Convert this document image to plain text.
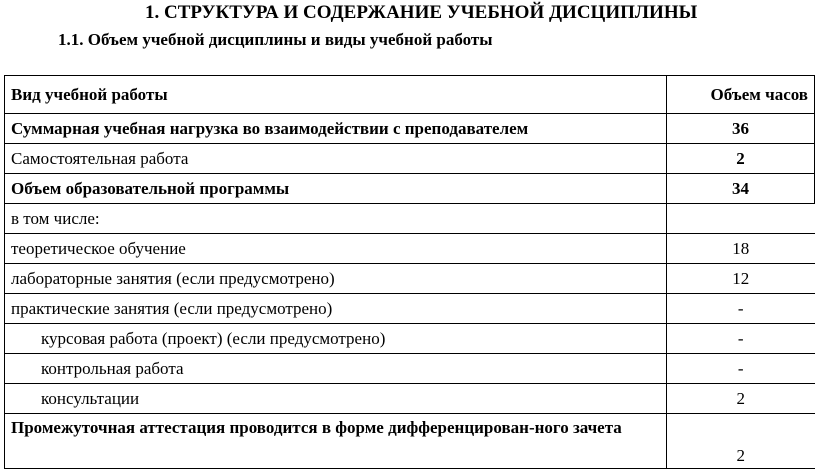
1. СТРУКТУРА И СОДЕРЖАНИЕ УЧЕБНОЙ ДИСЦИПЛИНЫ
1.1. Объем учебной дисциплины и виды учебной работы
Вид учебной работы	Объем часов
Суммарная учебная нагрузка во взаимодействии с преподавателем	36
Самостоятельная работа	2
Объем образовательной программы	34
в том числе:	
теоретическое обучение	18
лабораторные занятия (если предусмотрено)	12
практические занятия (если предусмотрено)	-
курсовая работа (проект) (если предусмотрено)	-
контрольная работа	-
консультации	2
Промежуточная аттестация проводится в форме дифференцирован-ного зачета	2
